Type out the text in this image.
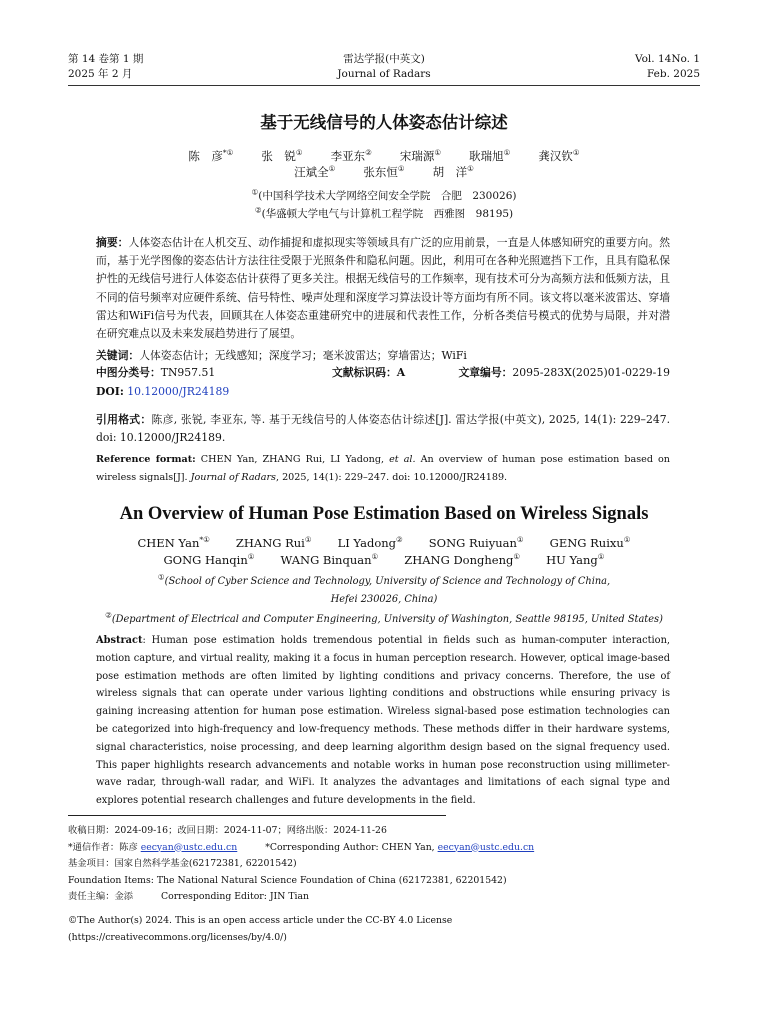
第 14 卷第 1 期
2025 年 2 月
雷达学报(中英文)
Journal of Radars
Vol. 14No. 1
Feb. 2025
基于无线信号的人体姿态估计综述
陈　彦*① 张　锐① 李亚东② 宋瑞源① 耿瑞旭① 龚汉钦①
汪斌全① 张东恒① 胡　洋①
①(中国科学技术大学网络空间安全学院　合肥　230026)
②(华盛顿大学电气与计算机工程学院　西雅图　98195)
摘要：人体姿态估计在人机交互、动作捕捉和虚拟现实等领域具有广泛的应用前景，一直是人体感知研究的重要方向。然而，基于光学图像的姿态估计方法往往受限于光照条件和隐私问题。因此，利用可在各种光照遮挡下工作，且具有隐私保护性的无线信号进行人体姿态估计获得了更多关注。根据无线信号的工作频率，现有技术可分为高频方法和低频方法，且不同的信号频率对应硬件系统、信号特性、噪声处理和深度学习算法设计等方面均有所不同。该文将以毫米波雷达、穿墙雷达和WiFi信号为代表，回顾其在人体姿态重建研究中的进展和代表性工作，分析各类信号模式的优势与局限，并对潜在研究难点以及未来发展趋势进行了展望。
关键词：人体姿态估计；无线感知；深度学习；毫米波雷达；穿墙雷达；WiFi
中图分类号：TN957.51	文献标识码：A	文章编号：2095-283X(2025)01-0229-19
DOI: 10.12000/JR24189
引用格式：陈彦, 张锐, 李亚东, 等. 基于无线信号的人体姿态估计综述[J]. 雷达学报(中英文), 2025, 14(1): 229–247. doi: 10.12000/JR24189.
Reference format: CHEN Yan, ZHANG Rui, LI Yadong, et al. An overview of human pose estimation based on wireless signals[J]. Journal of Radars, 2025, 14(1): 229–247. doi: 10.12000/JR24189.
An Overview of Human Pose Estimation Based on Wireless Signals
CHEN Yan*① ZHANG Rui① LI Yadong② SONG Ruiyuan① GENG Ruixu①
GONG Hanqin① WANG Binquan① ZHANG Dongheng① HU Yang①
①(School of Cyber Science and Technology, University of Science and Technology of China,
Hefei 230026, China)
②(Department of Electrical and Computer Engineering, University of Washington, Seattle 98195, United States)
Abstract: Human pose estimation holds tremendous potential in fields such as human-computer interaction, motion capture, and virtual reality, making it a focus in human perception research. However, optical image-based pose estimation methods are often limited by lighting conditions and privacy concerns. Therefore, the use of wireless signals that can operate under various lighting conditions and obstructions while ensuring privacy is gaining increasing attention for human pose estimation. Wireless signal-based pose estimation technologies can be categorized into high-frequency and low-frequency methods. These methods differ in their hardware systems, signal characteristics, noise processing, and deep learning algorithm design based on the signal frequency used. This paper highlights research advancements and notable works in human pose reconstruction using millimeter-wave radar, through-wall radar, and WiFi. It analyzes the advantages and limitations of each signal type and explores potential research challenges and future developments in the field.
收稿日期：2024-09-16；改回日期：2024-11-07；网络出版：2024-11-26
*通信作者：陈彦 eecyan@ustc.edu.cn	*Corresponding Author: CHEN Yan, eecyan@ustc.edu.cn
基金项目：国家自然科学基金(62172381, 62201542)
Foundation Items: The National Natural Science Foundation of China (62172381, 62201542)
责任主编：金添	Corresponding Editor: JIN Tian
©The Author(s) 2024. This is an open access article under the CC-BY 4.0 License
(https://creativecommons.org/licenses/by/4.0/)
